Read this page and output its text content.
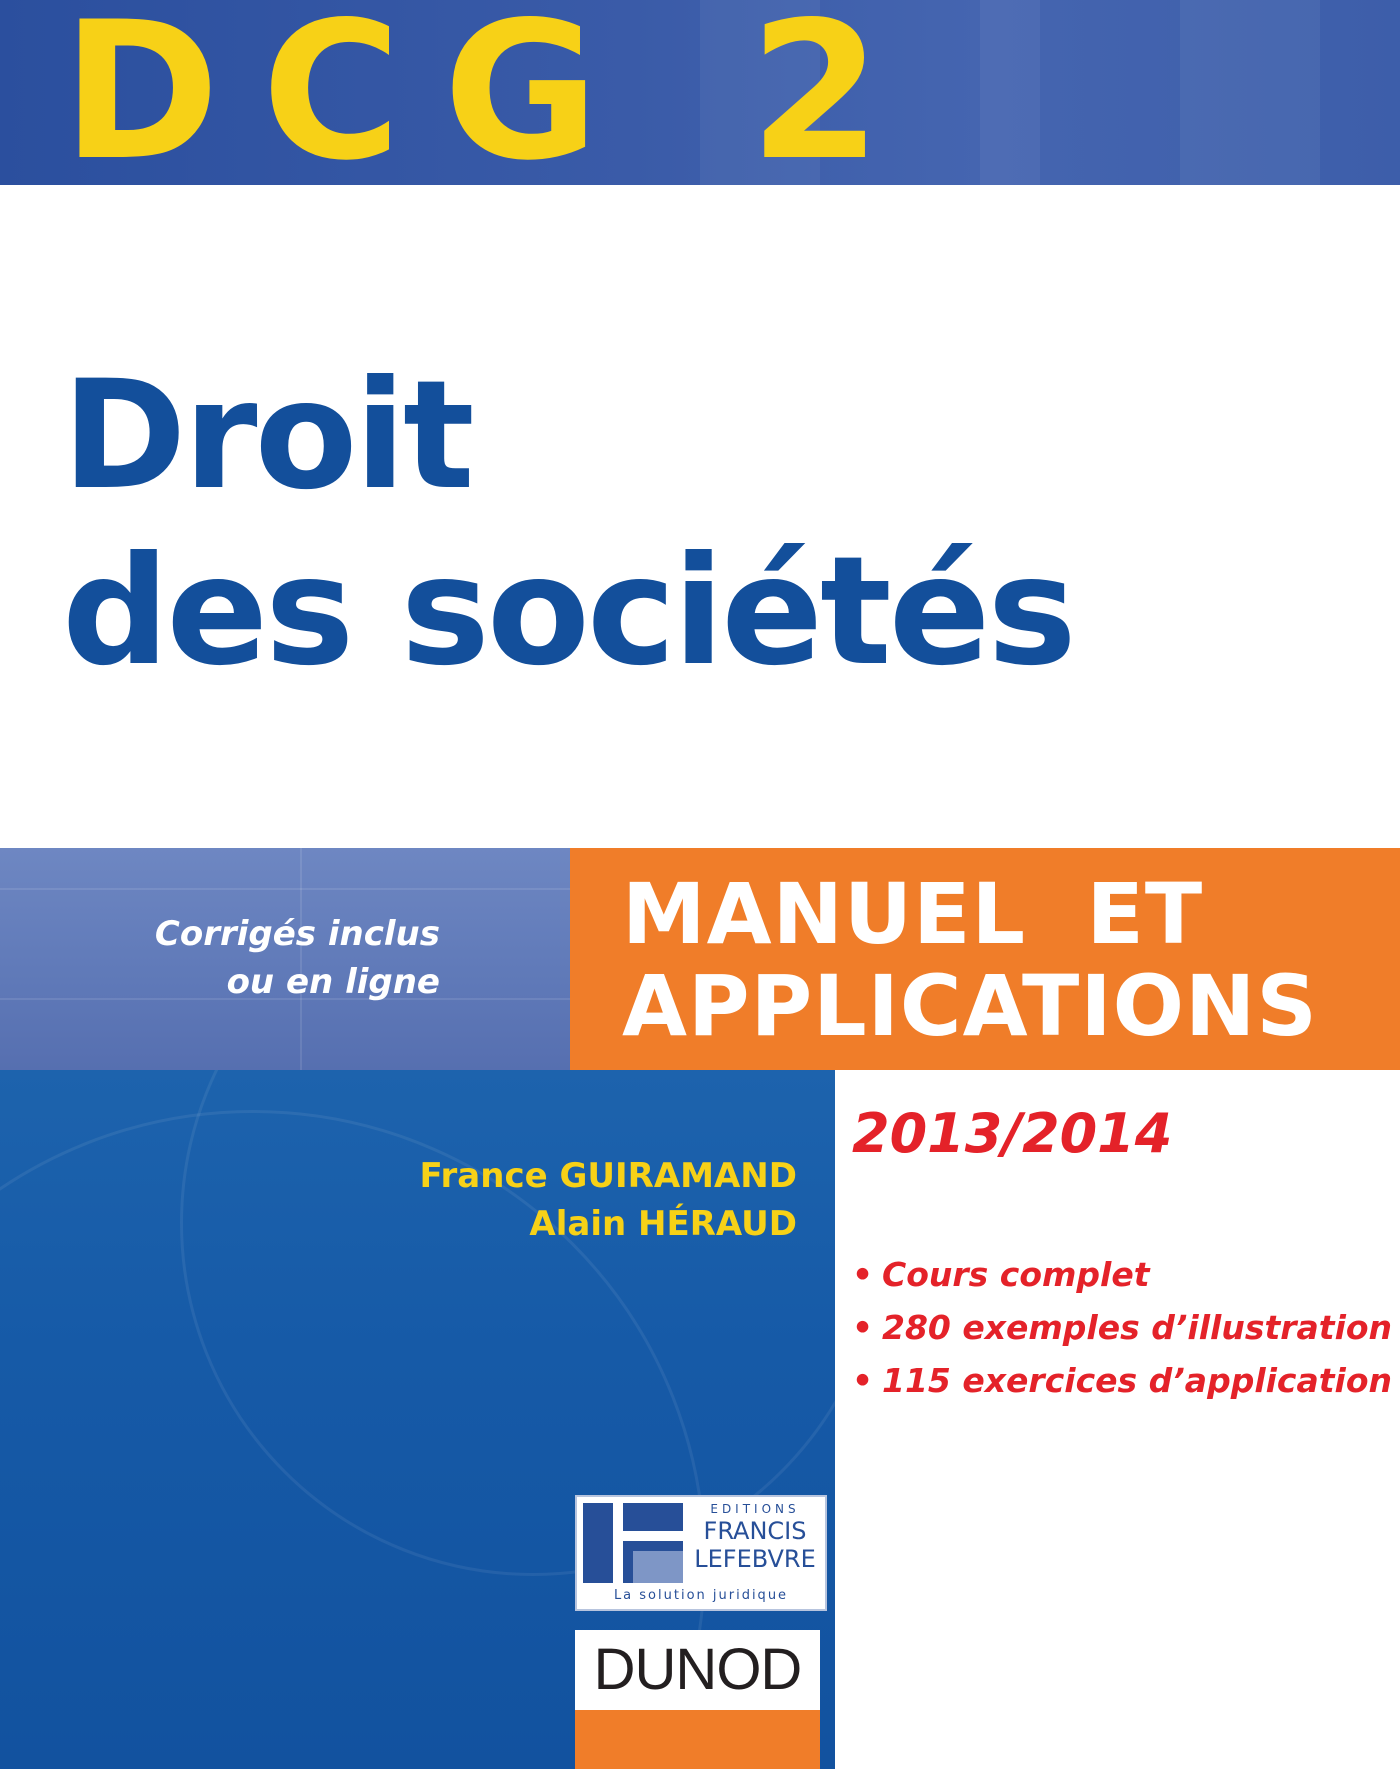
DCG 2
Droit
des sociétés
Corrigés inclus
ou en ligne
MANUEL  ET
APPLICATIONS
France GUIRAMAND
Alain HÉRAUD
2013/2014
• Cours complet
• 280 exemples d’illustration
• 115 exercices d’application
EDITIONS
FRANCIS
LEFEBVRE
La solution juridique
DUNOD
